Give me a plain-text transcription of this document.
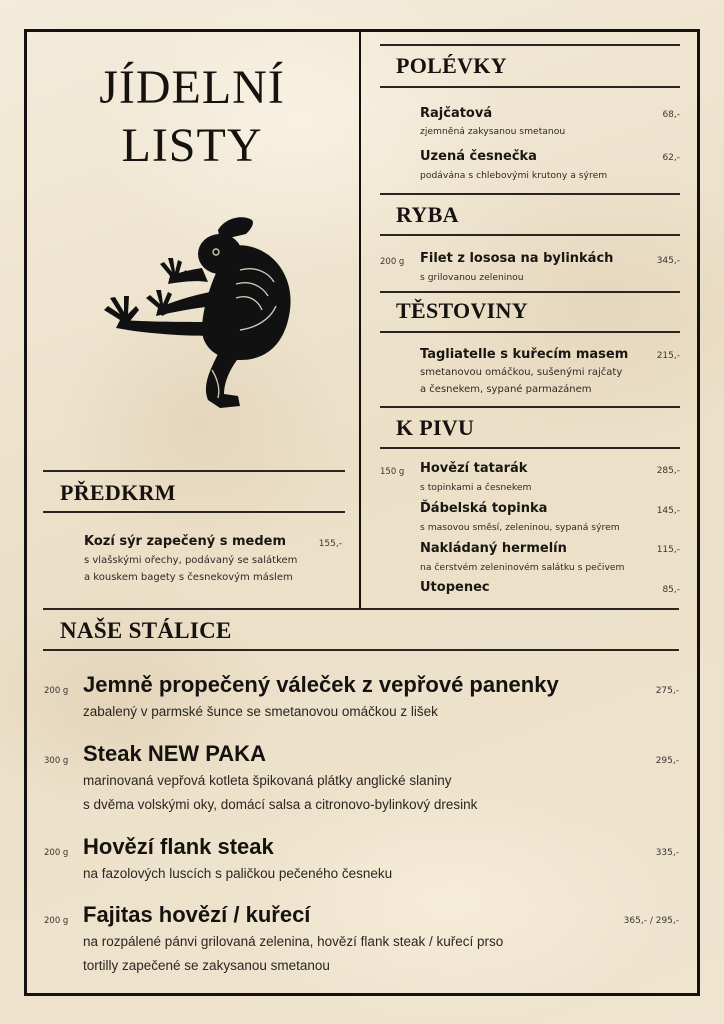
JÍDELNÍ
LISTY
POLÉVKY
Rajčatová	68,-
zjemněná zakysanou smetanou
Uzená česnečka	62,-
podávána s chlebovými krutony a sýrem
RYBA
200 g Filet z lososa na bylinkách	345,-
s grilovanou zeleninou
TĚSTOVINY
Tagliatelle s kuřecím masem	215,-
smetanovou omáčkou, sušenými rajčaty
a česnekem, sypané parmazánem
K PIVU
150 g Hovězí tatarák	285,-
s topinkami a česnekem
Ďábelská topinka	145,-
s masovou směsí, zeleninou, sypaná sýrem
Nakládaný hermelín	115,-
na čerstvém zeleninovém salátku s pečivem
Utopenec	85,-
PŘEDKRM
Kozí sýr zapečený s medem	155,-
s vlašskými ořechy, podávaný se salátkem
a kouskem bagety s česnekovým máslem
NAŠE STÁLICE
200 g Jemně propečený váleček z vepřové panenky	275,-
zabalený v parmské šunce se smetanovou omáčkou z lišek
300 g Steak NEW PAKA	295,-
marinovaná vepřová kotleta špikovaná plátky anglické slaniny
s dvěma volskými oky, domácí salsa a citronovo-bylinkový dresink
200 g Hovězí flank steak	335,-
na fazolových luscích s paličkou pečeného česneku
200 g Fajitas hovězí / kuřecí	365,- / 295,-
na rozpálené pánvi grilovaná zelenina, hovězí flank steak / kuřecí prso
tortilly zapečené se zakysanou smetanou
